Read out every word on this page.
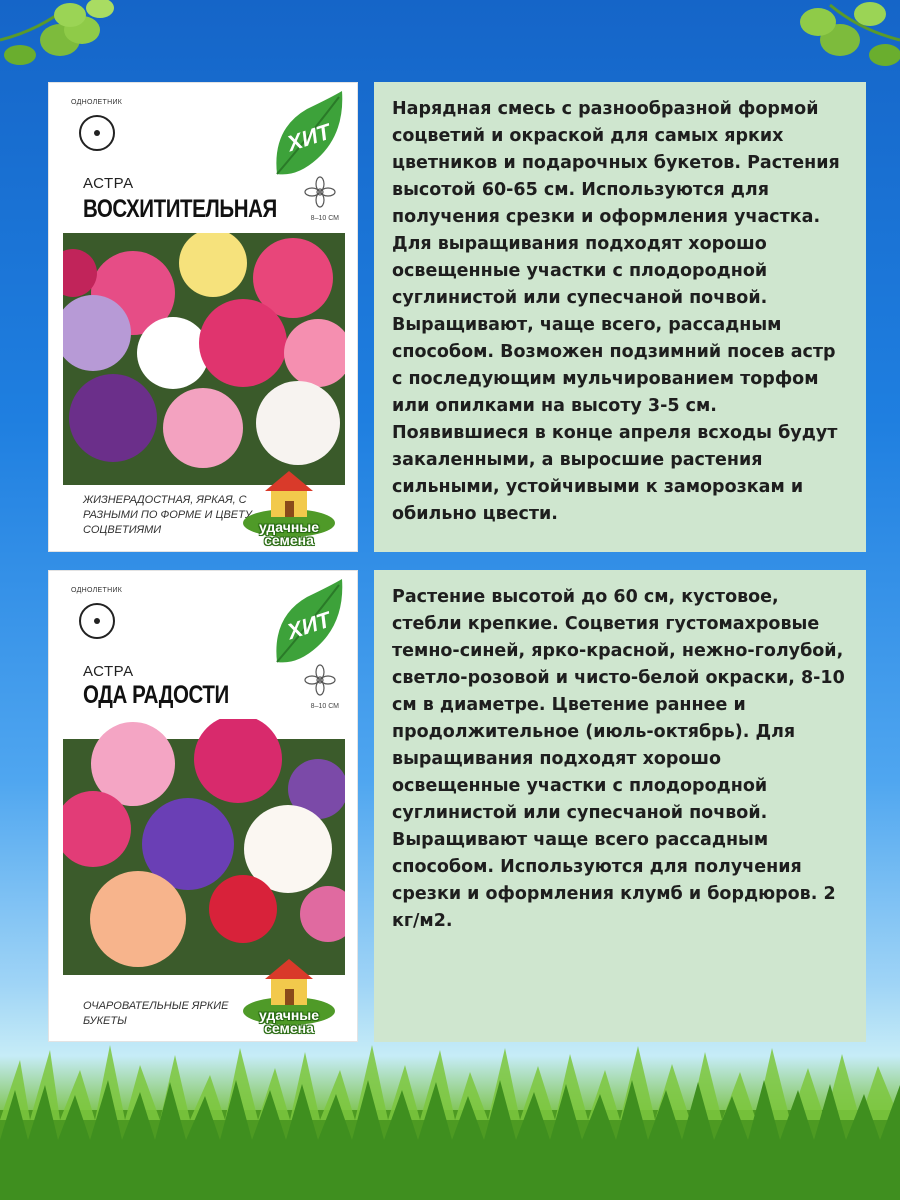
ОДНОЛЕТНИК
ХИТ
8–10 СМ
АСТРА
ВОСХИТИТЕЛЬНАЯ
ЖИЗНЕРАДОСТНАЯ, ЯРКАЯ, С РАЗНЫМИ ПО ФОРМЕ И ЦВЕТУ СОЦВЕТИЯМИ	удачные
семена

Нарядная смесь с разнообразной формой соцветий и окраской для самых ярких цветников и подарочных букетов. Растения высотой 60-65 см. Используются для получения срезки и оформления участка. Для выращивания подходят хорошо освещенные участки с плодородной суглинистой или супесчаной почвой. Выращивают, чаще всего, рассадным способом. Возможен подзимний посев астр с последующим мульчированием торфом или опилками на высоту 3-5 см. Появившиеся в конце апреля всходы будут закаленными, а выросшие растения сильными, устойчивыми к заморозкам и обильно цвести.

ОДНОЛЕТНИК
ХИТ
8–10 СМ
АСТРА
ОДА РАДОСТИ
ОЧАРОВАТЕЛЬНЫЕ ЯРКИЕ БУКЕТЫ	удачные
семена

Растение высотой до 60 см, кустовое, стебли крепкие. Соцветия густомахровые темно-синей, ярко-красной, нежно-голубой, светло-розовой и чисто-белой окраски, 8-10 см в диаметре. Цветение раннее и продолжительное (июль-октябрь). Для выращивания подходят хорошо освещенные участки с плодородной суглинистой или супесчаной почвой. Выращивают чаще всего рассадным способом. Используются для получения срезки и оформления клумб и бордюров. 2 кг/м2.
